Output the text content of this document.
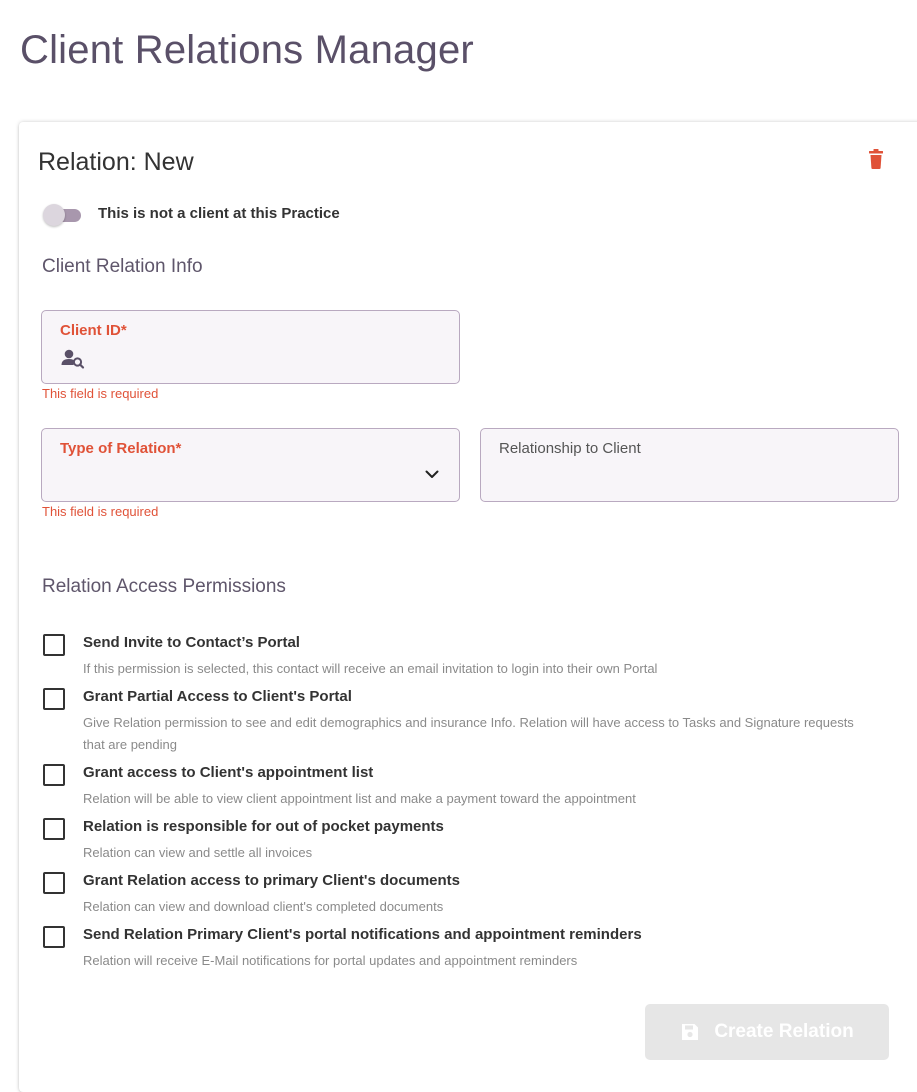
Client Relations Manager
Relation: New
This is not a client at this Practice
Client Relation Info
Client ID*
This field is required
Type of Relation*
This field is required
Relationship to Client
Relation Access Permissions
Send Invite to Contact’s Portal
If this permission is selected, this contact will receive an email invitation to login into their own Portal
Grant Partial Access to Client's Portal
Give Relation permission to see and edit demographics and insurance Info. Relation will have access to Tasks and Signature requests that are pending
Grant access to Client's appointment list
Relation will be able to view client appointment list and make a payment toward the appointment
Relation is responsible for out of pocket payments
Relation can view and settle all invoices
Grant Relation access to primary Client's documents
Relation can view and download client's completed documents
Send Relation Primary Client's portal notifications and appointment reminders
Relation will receive E-Mail notifications for portal updates and appointment reminders
Create Relation
